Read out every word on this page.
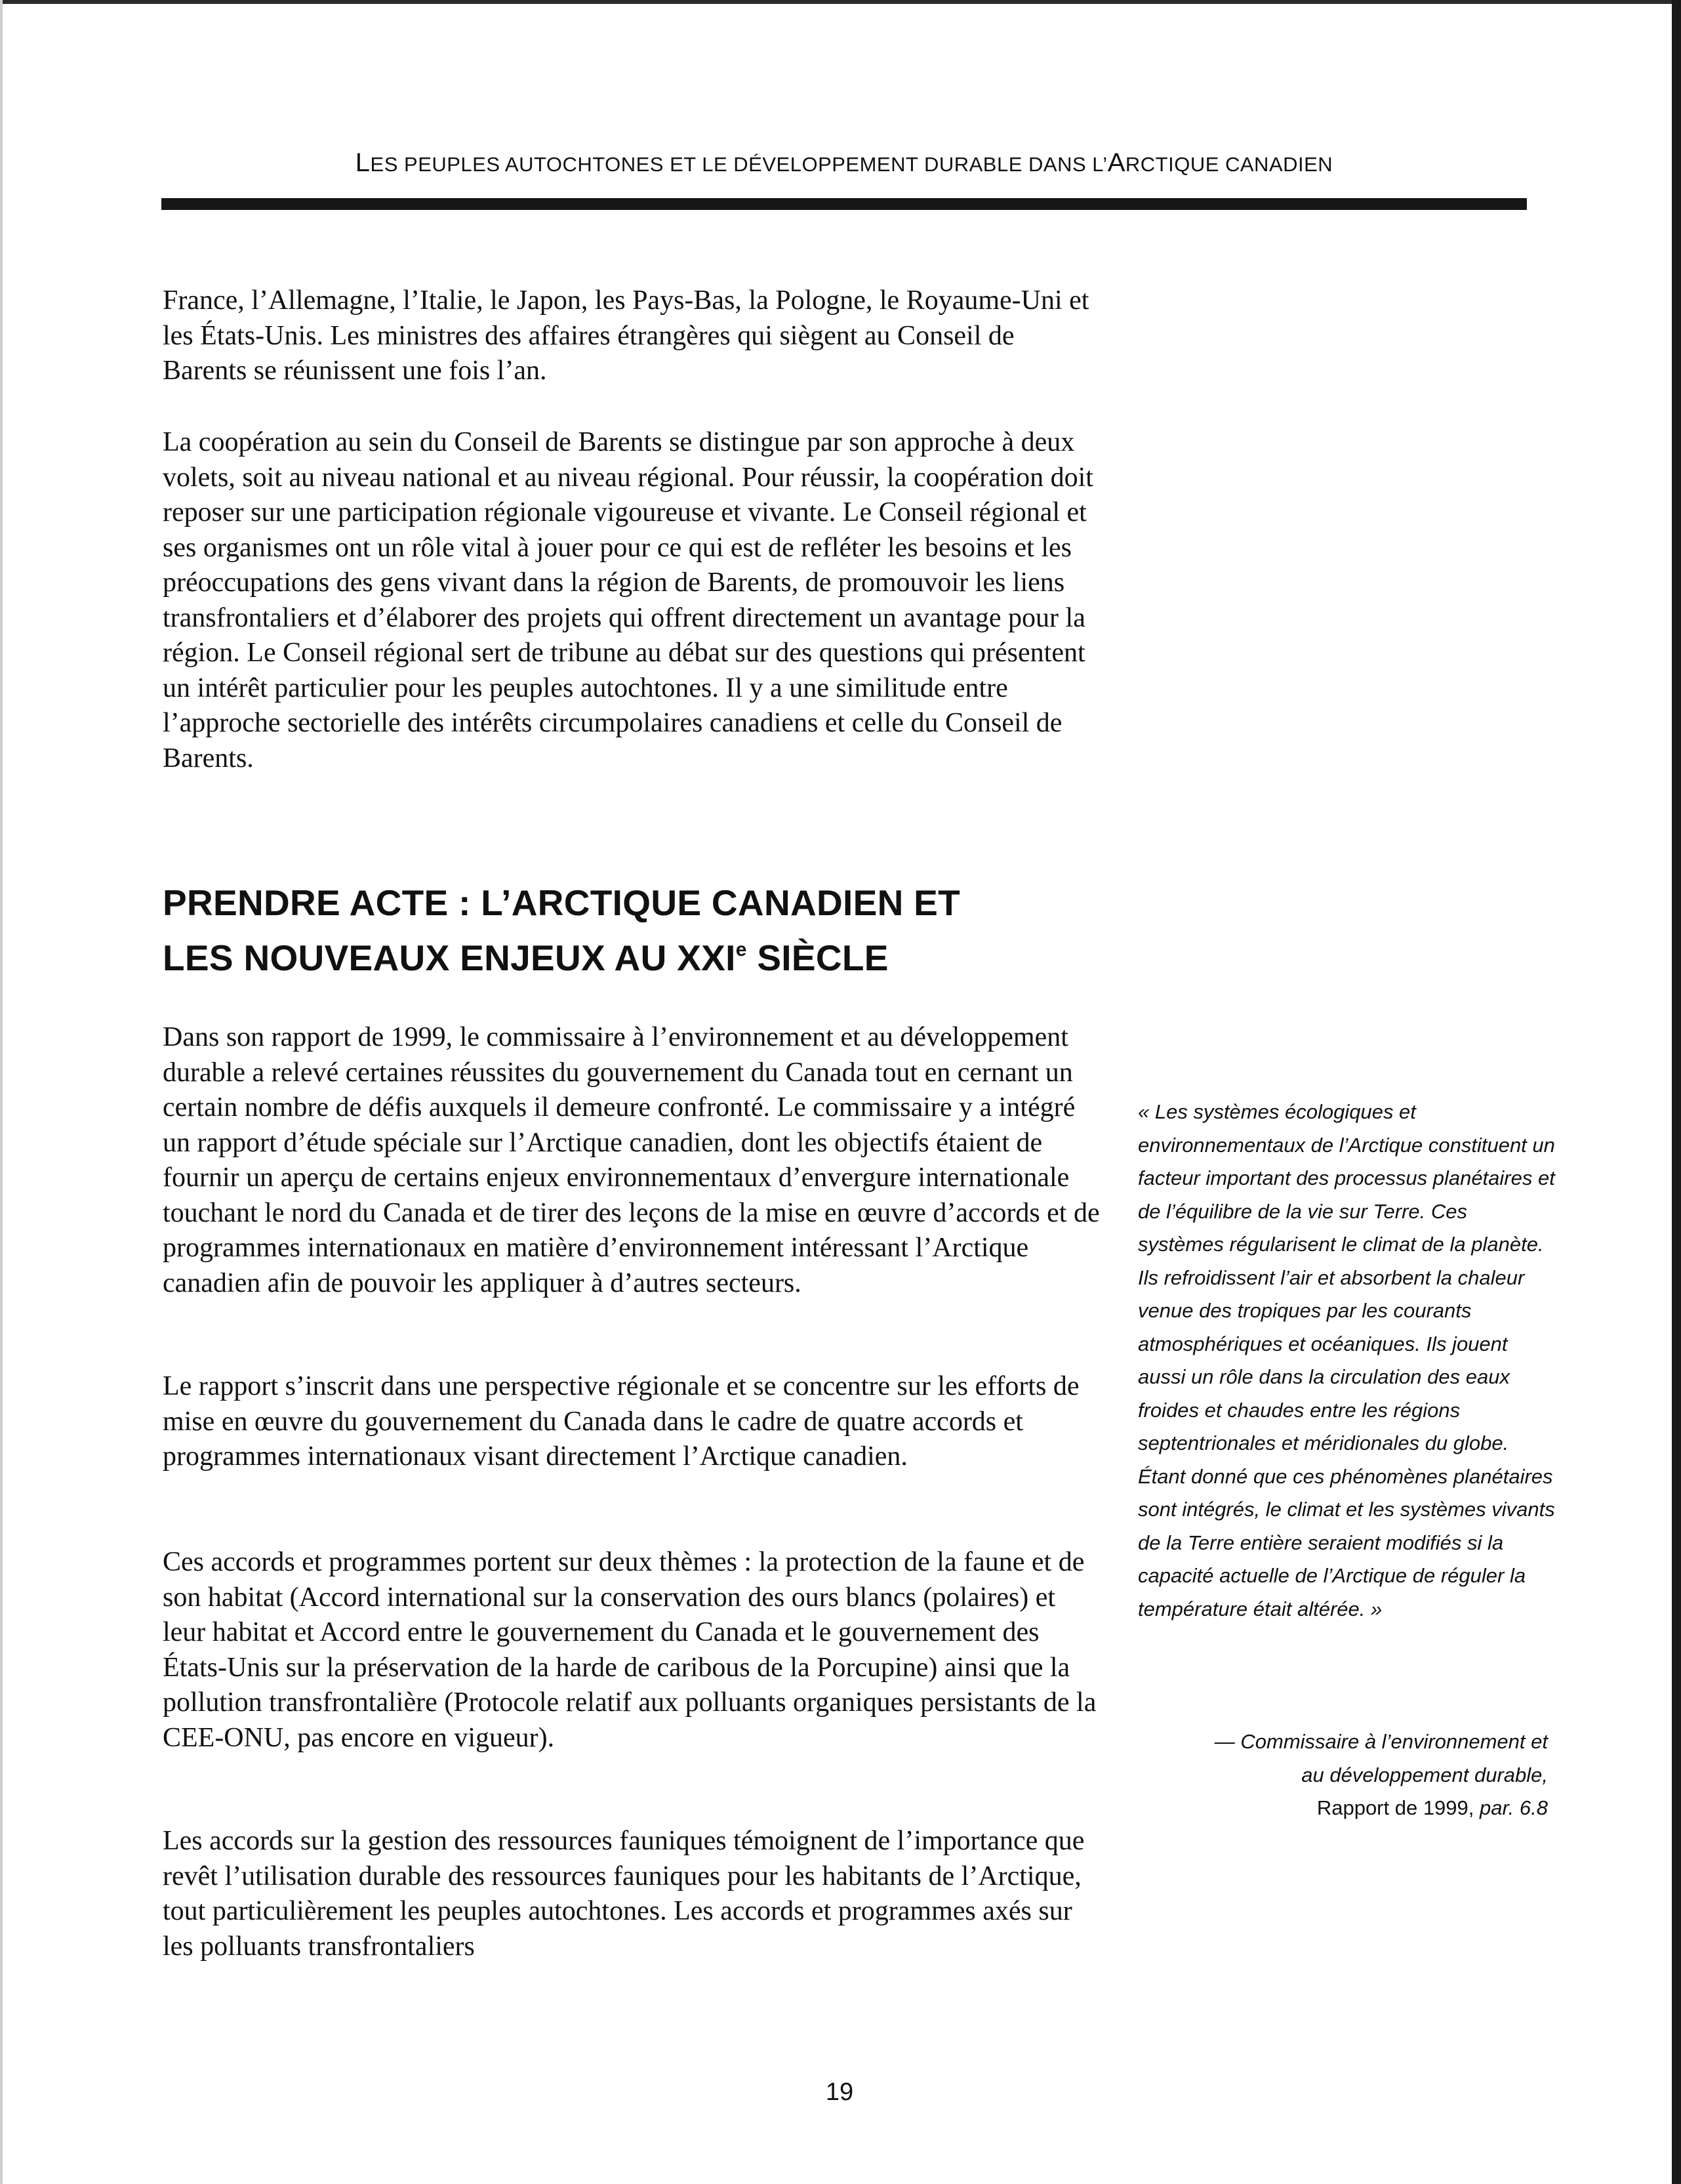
LES PEUPLES AUTOCHTONES ET LE DÉVELOPPEMENT DURABLE DANS L’ARCTIQUE CANADIEN

France, l’Allemagne, l’Italie, le Japon, les Pays-Bas, la Pologne, le Royaume-Uni et les États-Unis. Les ministres des affaires étrangères qui siègent au Conseil de Barents se réunissent une fois l’an.

La coopération au sein du Conseil de Barents se distingue par son approche à deux volets, soit au niveau national et au niveau régional. Pour réussir, la coopération doit reposer sur une participation régionale vigoureuse et vivante. Le Conseil régional et ses organismes ont un rôle vital à jouer pour ce qui est de refléter les besoins et les préoccupations des gens vivant dans la région de Barents, de promouvoir les liens transfrontaliers et d’élaborer des projets qui offrent directement un avantage pour la région. Le Conseil régional sert de tribune au débat sur des questions qui présentent un intérêt particulier pour les peuples autochtones. Il y a une similitude entre l’approche sectorielle des intérêts circumpolaires canadiens et celle du Conseil de Barents.

PRENDRE ACTE : L’ARCTIQUE CANADIEN ET
LES NOUVEAUX ENJEUX AU XXIe SIÈCLE

Dans son rapport de 1999, le commissaire à l’environnement et au développement durable a relevé certaines réussites du gouvernement du Canada tout en cernant un certain nombre de défis auxquels il demeure confronté. Le commissaire y a intégré un rapport d’étude spéciale sur l’Arctique canadien, dont les objectifs étaient de fournir un aperçu de certains enjeux environnementaux d’envergure internationale touchant le nord du Canada et de tirer des leçons de la mise en œuvre d’accords et de programmes internationaux en matière d’environnement intéressant l’Arctique canadien afin de pouvoir les appliquer à d’autres secteurs.

Le rapport s’inscrit dans une perspective régionale et se concentre sur les efforts de mise en œuvre du gouvernement du Canada dans le cadre de quatre accords et programmes internationaux visant directement l’Arctique canadien.

Ces accords et programmes portent sur deux thèmes : la protection de la faune et de son habitat (Accord international sur la conservation des ours blancs (polaires) et leur habitat et Accord entre le gouvernement du Canada et le gouvernement des États-Unis sur la préservation de la harde de caribous de la Porcupine) ainsi que la pollution transfrontalière (Protocole relatif aux polluants organiques persistants de la CEE-ONU, pas encore en vigueur).

Les accords sur la gestion des ressources fauniques témoignent de l’importance que revêt l’utilisation durable des ressources fauniques pour les habitants de l’Arctique, tout particulièrement les peuples autochtones. Les accords et programmes axés sur les polluants transfrontaliers

« Les systèmes écologiques et environnementaux de l’Arctique constituent un facteur important des processus planétaires et de l’équilibre de la vie sur Terre. Ces systèmes régularisent le climat de la planète. Ils refroidissent l’air et absorbent la chaleur venue des tropiques par les courants atmosphériques et océaniques. Ils jouent aussi un rôle dans la circulation des eaux froides et chaudes entre les régions septentrionales et méridionales du globe. Étant donné que ces phénomènes planétaires sont intégrés, le climat et les systèmes vivants de la Terre entière seraient modifiés si la capacité actuelle de l’Arctique de réguler la température était altérée. »
— Commissaire à l’environnement et
au développement durable,
Rapport de 1999, par. 6.8
19
